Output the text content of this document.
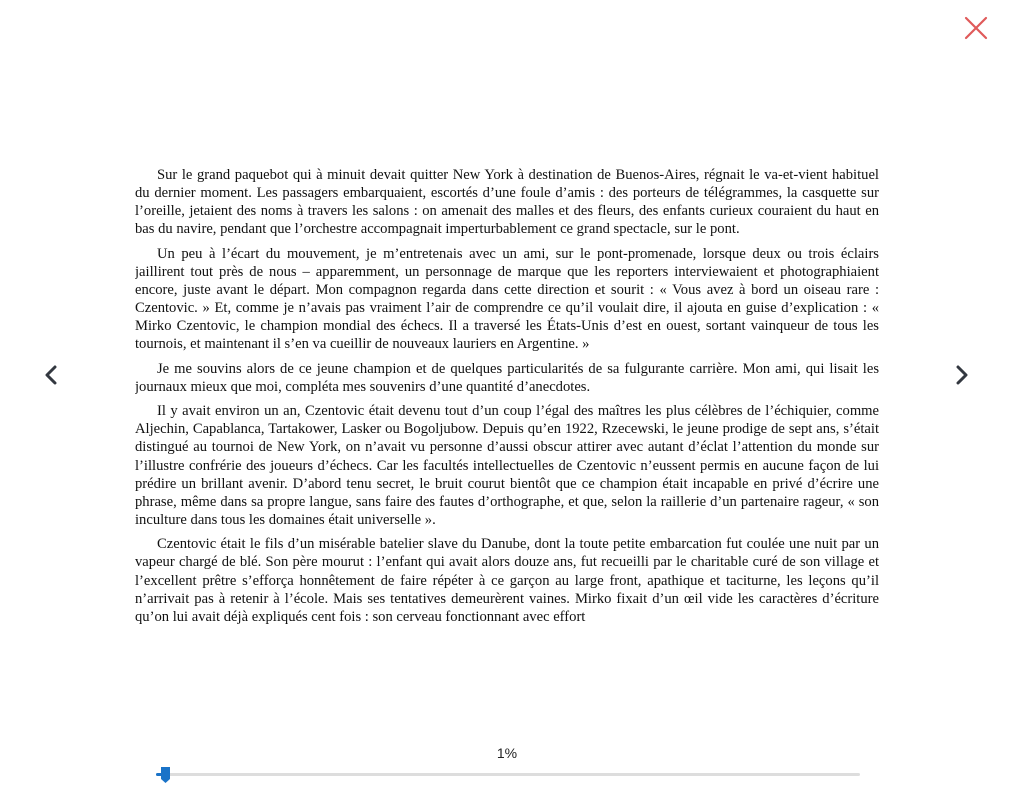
Sur le grand paquebot qui à minuit devait quitter New York à destination de Buenos-Aires, régnait le va-et-vient habituel du dernier moment. Les passagers embarquaient, escortés d’une foule d’amis : des porteurs de télégrammes, la casquette sur l’oreille, jetaient des noms à travers les salons : on amenait des malles et des fleurs, des enfants curieux couraient du haut en bas du navire, pendant que l’orchestre accompagnait imperturbablement ce grand spectacle, sur le pont.

Un peu à l’écart du mouvement, je m’entretenais avec un ami, sur le pont-promenade, lorsque deux ou trois éclairs jaillirent tout près de nous – apparemment, un personnage de marque que les reporters interviewaient et photographiaient encore, juste avant le départ. Mon compagnon regarda dans cette direction et sourit : « Vous avez à bord un oiseau rare : Czentovic. » Et, comme je n’avais pas vraiment l’air de comprendre ce qu’il voulait dire, il ajouta en guise d’explication : « Mirko Czentovic, le champion mondial des échecs. Il a traversé les États-Unis d’est en ouest, sortant vainqueur de tous les tournois, et maintenant il s’en va cueillir de nouveaux lauriers en Argentine. »

Je me souvins alors de ce jeune champion et de quelques particularités de sa fulgurante carrière. Mon ami, qui lisait les journaux mieux que moi, compléta mes souvenirs d’une quantité d’anecdotes.

Il y avait environ un an, Czentovic était devenu tout d’un coup l’égal des maîtres les plus célèbres de l’échiquier, comme Aljechin, Capablanca, Tartakower, Lasker ou Bogoljubow. Depuis qu’en 1922, Rzecewski, le jeune prodige de sept ans, s’était distingué au tournoi de New York, on n’avait vu personne d’aussi obscur attirer avec autant d’éclat l’attention du monde sur l’illustre confrérie des joueurs d’échecs. Car les facultés intellectuelles de Czentovic n’eussent permis en aucune façon de lui prédire un brillant avenir. D’abord tenu secret, le bruit courut bientôt que ce champion était incapable en privé d’écrire une phrase, même dans sa propre langue, sans faire des fautes d’orthographe, et que, selon la raillerie d’un partenaire rageur, « son inculture dans tous les domaines était universelle ».

Czentovic était le fils d’un misérable batelier slave du Danube, dont la toute petite embarcation fut coulée une nuit par un vapeur chargé de blé. Son père mourut : l’enfant qui avait alors douze ans, fut recueilli par le charitable curé de son village et l’excellent prêtre s’efforça honnêtement de faire répéter à ce garçon au large front, apathique et taciturne, les leçons qu’il n’arrivait pas à retenir à l’école. Mais ses tentatives demeurèrent vaines. Mirko fixait d’un œil vide les caractères d’écriture qu’on lui avait déjà expliqués cent fois : son cerveau fonctionnant avec effort

1%
